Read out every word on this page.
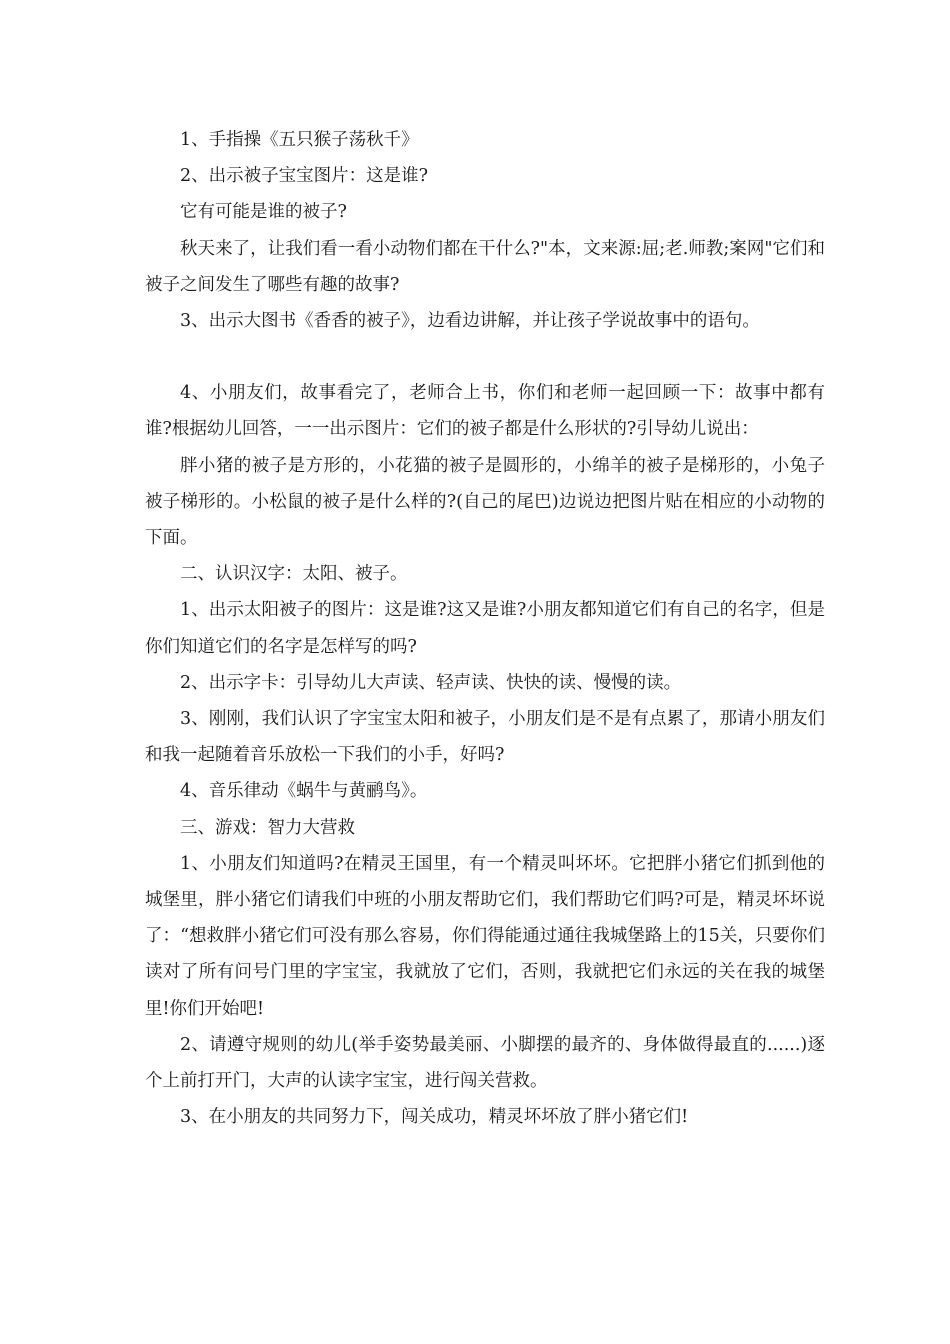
1、手指操《五只猴子荡秋千》

2、出示被子宝宝图片：这是谁?

它有可能是谁的被子?

秋天来了，让我们看一看小动物们都在干什么?"本，文来源:屈;老.师教;案网"它们和被子之间发生了哪些有趣的故事?

3、出示大图书《香香的被子》，边看边讲解，并让孩子学说故事中的语句。

4、小朋友们，故事看完了，老师合上书，你们和老师一起回顾一下：故事中都有谁?根据幼儿回答，一一出示图片：它们的被子都是什么形状的?引导幼儿说出：

胖小猪的被子是方形的，小花猫的被子是圆形的，小绵羊的被子是梯形的，小兔子被子梯形的。小松鼠的被子是什么样的?(自己的尾巴)边说边把图片贴在相应的小动物的下面。

二、认识汉字：太阳、被子。

1、出示太阳被子的图片：这是谁?这又是谁?小朋友都知道它们有自己的名字，但是你们知道它们的名字是怎样写的吗?

2、出示字卡：引导幼儿大声读、轻声读、快快的读、慢慢的读。

3、刚刚，我们认识了字宝宝太阳和被子，小朋友们是不是有点累了，那请小朋友们和我一起随着音乐放松一下我们的小手，好吗?

4、音乐律动《蜗牛与黄鹂鸟》。

三、游戏：智力大营救

1、小朋友们知道吗?在精灵王国里，有一个精灵叫坏坏。它把胖小猪它们抓到他的城堡里，胖小猪它们请我们中班的小朋友帮助它们，我们帮助它们吗?可是，精灵坏坏说了：“想救胖小猪它们可没有那么容易，你们得能通过通往我城堡路上的15关，只要你们读对了所有问号门里的字宝宝，我就放了它们，否则，我就把它们永远的关在我的城堡里!你们开始吧!

2、请遵守规则的幼儿(举手姿势最美丽、小脚摆的最齐的、身体做得最直的......)逐个上前打开门，大声的认读字宝宝，进行闯关营救。

3、在小朋友的共同努力下，闯关成功，精灵坏坏放了胖小猪它们!
